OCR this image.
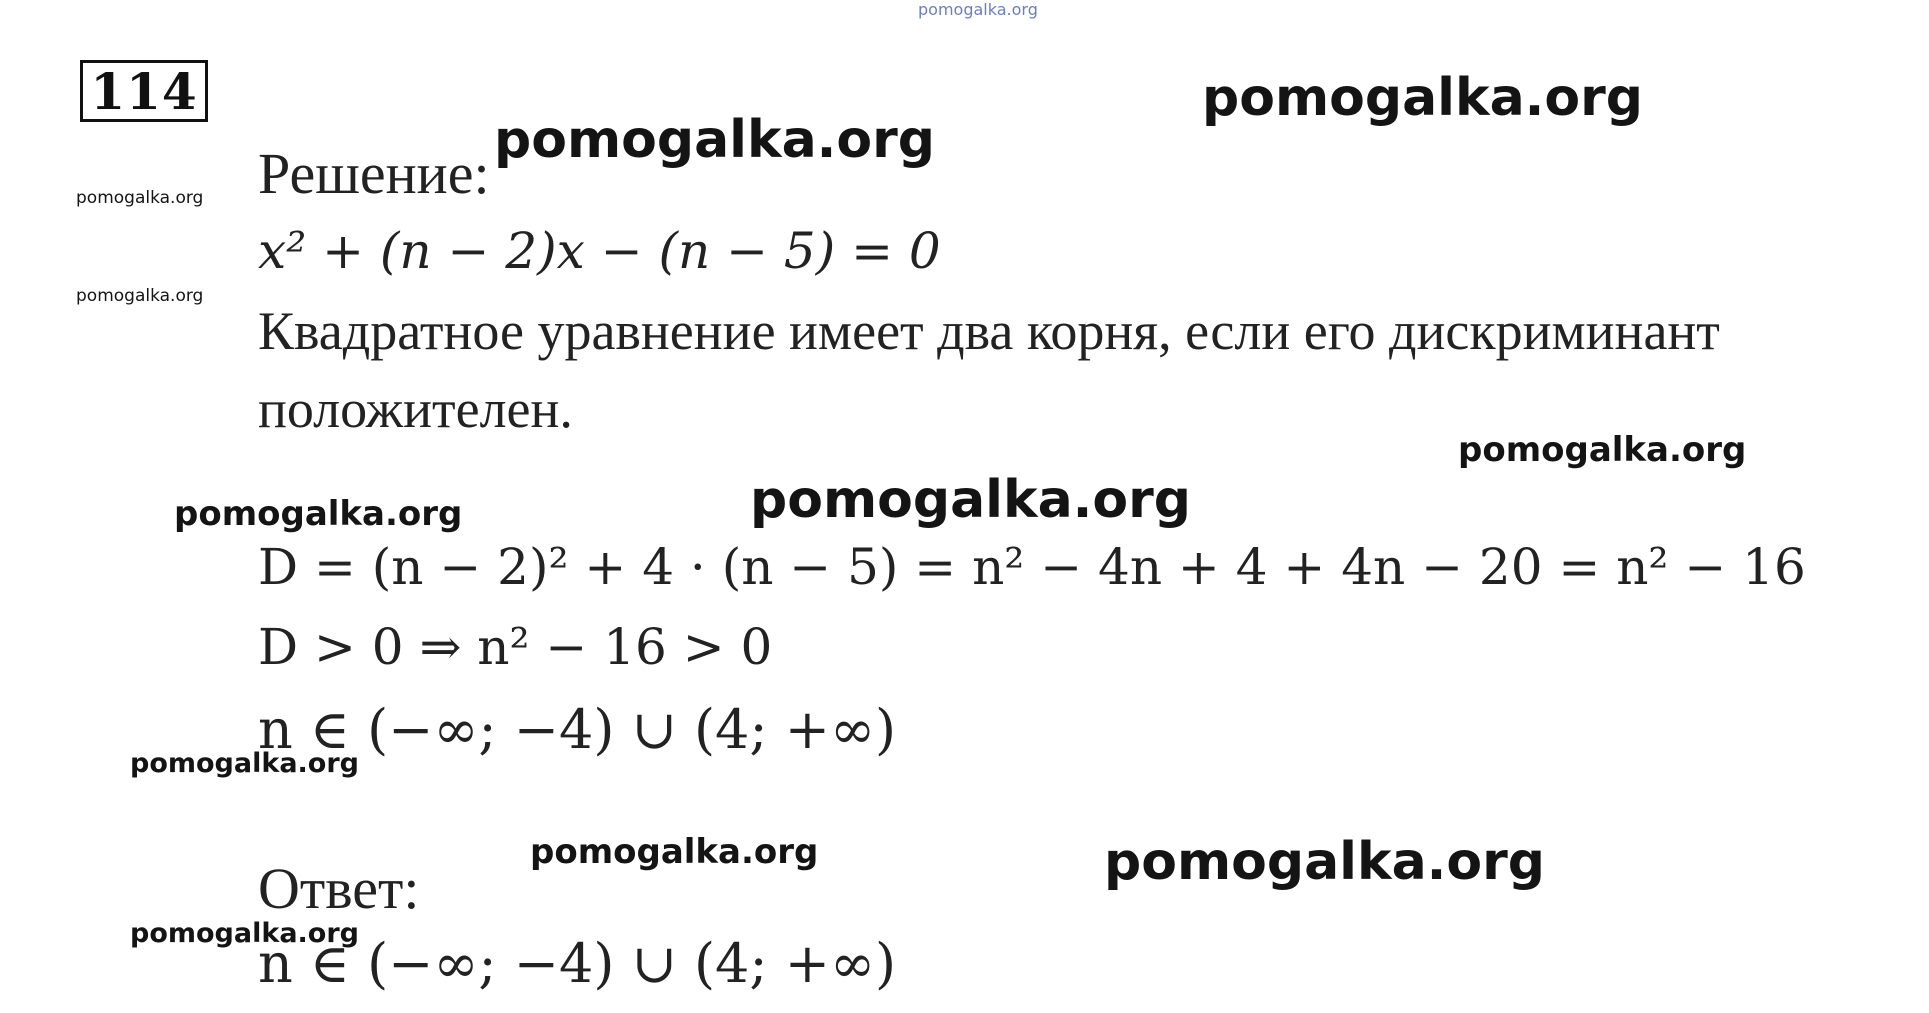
pomogalka.org
114
Решение:
x² + (n − 2)x − (n − 5) = 0
Квадратное уравнение имеет два корня, если его дискриминант
положителен.
D = (n − 2)² + 4 · (n − 5) = n² − 4n + 4 + 4n − 20 = n² − 16
D > 0 ⇒ n² − 16 > 0
n ∈ (−∞; −4) ∪ (4; +∞)
Ответ:
n ∈ (−∞; −4) ∪ (4; +∞)
pomogalka.org
pomogalka.org
pomogalka.org
pomogalka.org
pomogalka.org
pomogalka.org	pomogalka.org
pomogalka.org
pomogalka.org	pomogalka.org
pomogalka.org
